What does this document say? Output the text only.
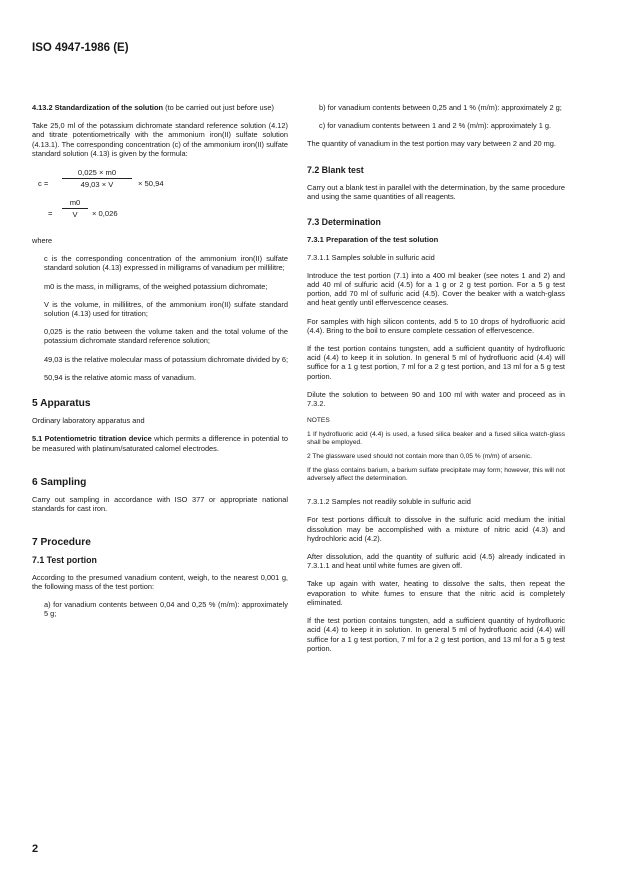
ISO 4947-1986 (E)

4.13.2 Standardization of the solution (to be carried out just before use)

Take 25,0 ml of the potassium dichromate standard reference solution (4.12) and titrate potentiometrically with the ammonium iron(II) sulfate solution (4.13.1). The corresponding concentration (c) of the ammonium iron(II) sulfate standard solution (4.13) is given by the formula:

c =
0,025 × m0
49,03 × V	× 50,94
=
m0
V	× 0,026

where

c is the corresponding concentration of the ammonium iron(II) sulfate standard solution (4.13) expressed in milligrams of vanadium per millilitre;

m0 is the mass, in milligrams, of the weighed potassium dichromate;

V is the volume, in millilitres, of the ammonium iron(II) sulfate standard solution (4.13) used for titration;

0,025 is the ratio between the volume taken and the total volume of the potassium dichromate standard reference solution;

49,03 is the relative molecular mass of potassium dichromate divided by 6;

50,94 is the relative atomic mass of vanadium.

5 Apparatus

Ordinary laboratory apparatus and

5.1 Potentiometric titration device which permits a difference in potential to be measured with platinum/saturated calomel electrodes.

6 Sampling

Carry out sampling in accordance with ISO 377 or appropriate national standards for cast iron.

7 Procedure
7.1 Test portion

According to the presumed vanadium content, weigh, to the nearest 0,001 g, the following mass of the test portion:

a) for vanadium contents between 0,04 and 0,25 % (m/m): approximately 5 g;

b) for vanadium contents between 0,25 and 1 % (m/m): approximately 2 g;

c) for vanadium contents between 1 and 2 % (m/m): approximately 1 g.

The quantity of vanadium in the test portion may vary between 2 and 20 mg.

7.2 Blank test

Carry out a blank test in parallel with the determination, by the same procedure and using the same quantities of all reagents.

7.3 Determination
7.3.1 Preparation of the test solution

7.3.1.1 Samples soluble in sulfuric acid

Introduce the test portion (7.1) into a 400 ml beaker (see notes 1 and 2) and add 40 ml of sulfuric acid (4.5) for a 1 g or 2 g test portion. For a 5 g test portion, add 70 ml of sulfuric acid (4.5). Cover the beaker with a watch-glass and heat gently until effervescence ceases.

For samples with high silicon contents, add 5 to 10 drops of hydrofluoric acid (4.4). Bring to the boil to ensure complete cessation of effervescence.

If the test portion contains tungsten, add a sufficient quantity of hydrofluoric acid (4.4) to keep it in solution. In general 5 ml of hydrofluoric acid (4.4) will suffice for a 1 g test portion, 7 ml for a 2 g test portion, and 13 ml for a 5 g test portion.

Dilute the solution to between 90 and 100 ml with water and proceed as in 7.3.2.

NOTES

1 If hydrofluoric acid (4.4) is used, a fused silica beaker and a fused silica watch-glass shall be employed.

2 The glassware used should not contain more than 0,05 % (m/m) of arsenic.

If the glass contains barium, a barium sulfate precipitate may form; however, this will not adversely affect the determination.

7.3.1.2 Samples not readily soluble in sulfuric acid

For test portions difficult to dissolve in the sulfuric acid medium the initial dissolution may be accomplished with a mixture of nitric acid (4.3) and hydrochloric acid (4.2).

After dissolution, add the quantity of sulfuric acid (4.5) already indicated in 7.3.1.1 and heat until white fumes are given off.

Take up again with water, heating to dissolve the salts, then repeat the evaporation to white fumes to ensure that the nitric acid is completely eliminated.

If the test portion contains tungsten, add a sufficient quantity of hydrofluoric acid (4.4) to keep it in solution. In general 5 ml of hydrofluoric acid (4.4) will suffice for a 1 g test portion, 7 ml for a 2 g test portion, and 13 ml for a 5 g test portion.

2
